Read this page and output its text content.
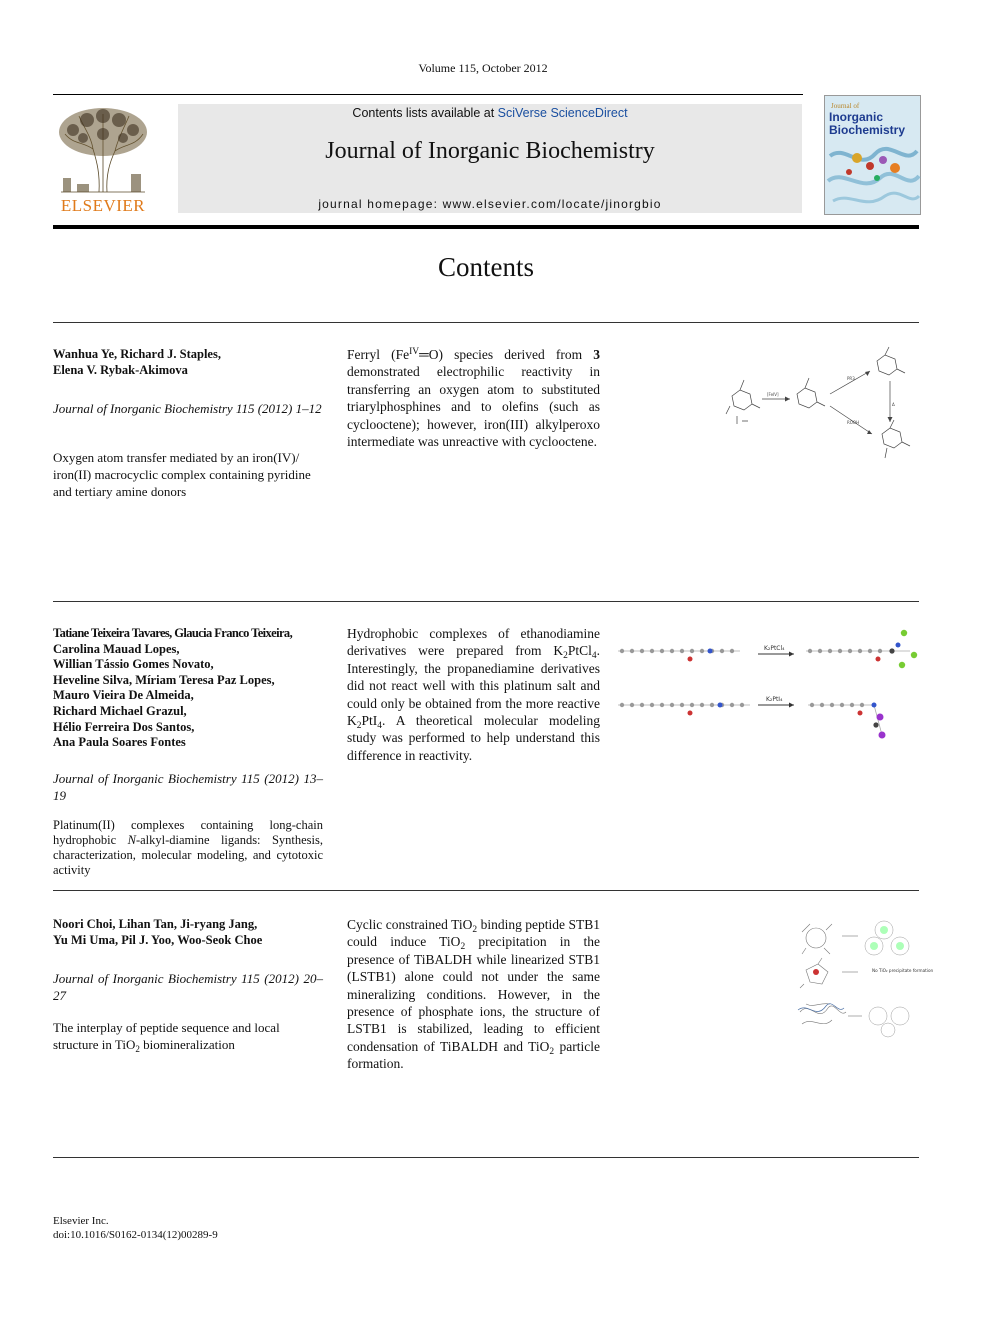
Volume 115, October 2012
ELSEVIER
Contents lists available at SciVerse ScienceDirect
Journal of Inorganic Biochemistry
journal homepage: www.elsevier.com/locate/jinorgbio
Journal of
Inorganic
Biochemistry
Contents
Wanhua Ye, Richard J. Staples,
Elena V. Rybak-Akimova
Journal of Inorganic Biochemistry 115 (2012) 1–12
Oxygen atom transfer mediated by an iron(IV)/ iron(II) macrocyclic complex containing pyridine and tertiary amine donors
Ferryl $(Fe^{IV}═O)$ species derived from 3 demonstrated electrophilic reactivity in transferring an oxygen atom to substituted triarylphosphines and to olefins (such as cyclooctene); however, iron(III) alkylperoxo intermediate was unreactive with cyclooctene.
[FeIV]
PR3
ROOH
Δ
Tatiane Teixeira Tavares, Glaucia Franco Teixeira,
Carolina Mauad Lopes,
Willian Tássio Gomes Novato,
Heveline Silva, Míriam Teresa Paz Lopes,
Mauro Vieira De Almeida,
Richard Michael Grazul,
Hélio Ferreira Dos Santos,
Ana Paula Soares Fontes
Journal of Inorganic Biochemistry 115 (2012) 13–19
Platinum(II) complexes containing long-chain hydrophobic N-alkyl-diamine ligands: Synthesis, characterization, molecular modeling, and cytotoxic activity
Hydrophobic complexes of ethanodiamine derivatives were prepared from $K_2PtCl_4$. Interestingly, the propanediamine derivatives did not react well with this platinum salt and could only be obtained from the more reactive $K_2PtI_4$. A theoretical molecular modeling study was performed to help understand this difference in reactivity.
K₂PtCl₄
K₂PtI₄
Noori Choi, Lihan Tan, Ji-ryang Jang,
Yu Mi Uma, Pil J. Yoo, Woo-Seok Choe
Journal of Inorganic Biochemistry 115 (2012) 20–27
The interplay of peptide sequence and local structure in TiO$_2$ biomineralization
Cyclic constrained TiO$_2$ binding peptide STB1 could induce TiO$_2$ precipitation in the presence of TiBALDH while linearized STB1 (LSTB1) alone could not under the same mineralizing conditions. However, in the presence of phosphate ions, the structure of LSTB1 is stabilized, leading to efficient condensation of TiBALDH and TiO$_2$ particle formation.
No TiO₂ precipitate formation
Elsevier Inc.
doi:10.1016/S0162-0134(12)00289-9
